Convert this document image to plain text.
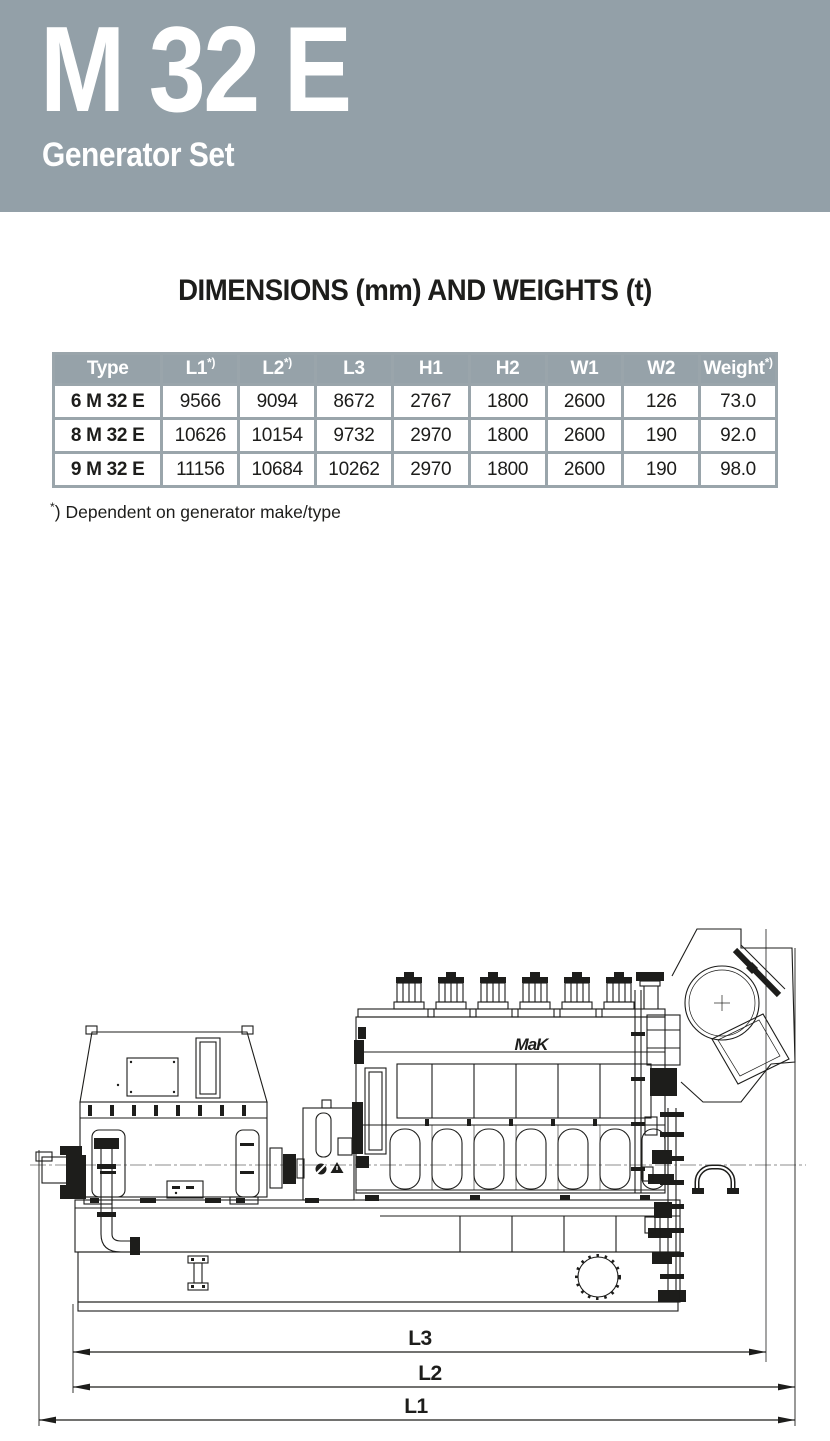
M 32 E
Generator Set
DIMENSIONS (mm) AND WEIGHTS (t)
Type	L1*)	L2*)	L3	H1	H2	W1	W2	Weight*)
6 M 32 E	9566	9094	8672	2767	1800	2600	126	73.0
8 M 32 E	10626	10154	9732	2970	1800	2600	190	92.0
9 M 32 E	11156	10684	10262	2970	1800	2600	190	98.0
*) Dependent on generator make/type
MaK
L3
L2
L1
